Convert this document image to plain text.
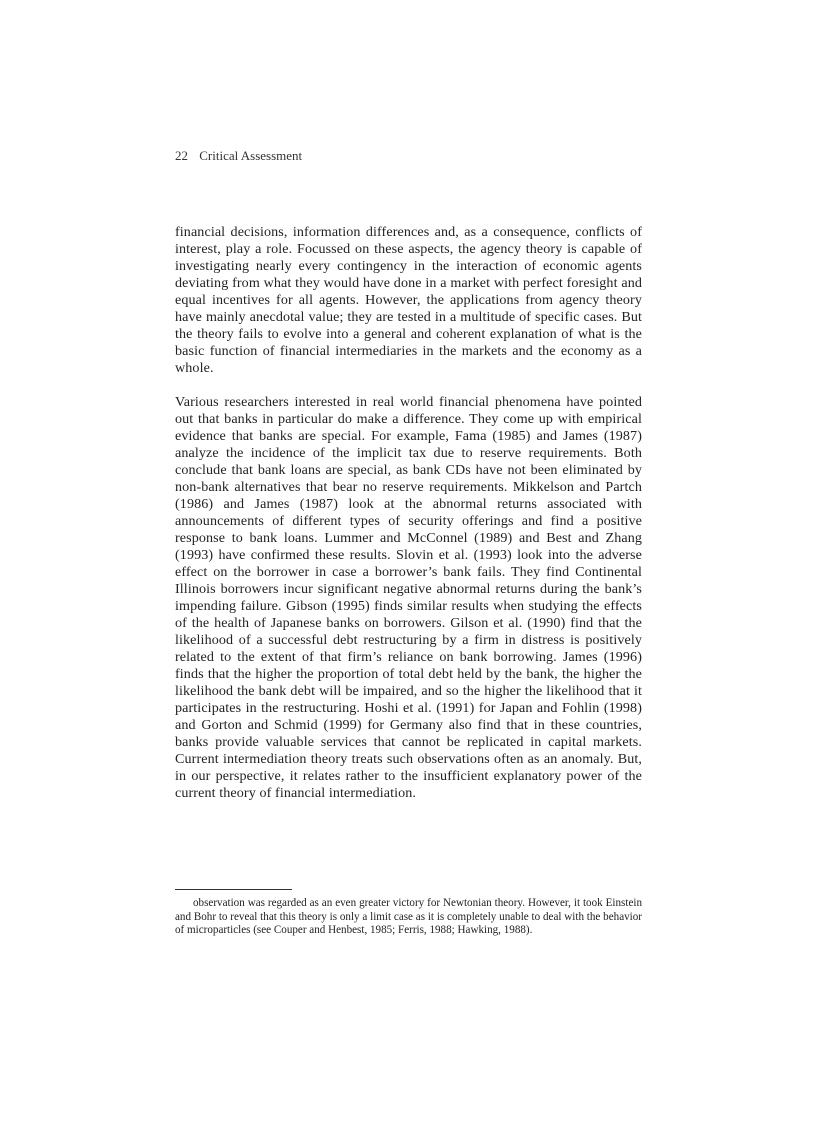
22 Critical Assessment

financial decisions, information differences and, as a consequence, conflicts of interest, play a role. Focussed on these aspects, the agency theory is capable of investigating nearly every contingency in the interaction of economic agents deviating from what they would have done in a market with perfect foresight and equal incentives for all agents. However, the applications from agency theory have mainly anecdotal value; they are tested in a multitude of specific cases. But the theory fails to evolve into a general and coherent explanation of what is the basic function of financial intermediaries in the markets and the economy as a whole.

Various researchers interested in real world financial phenomena have pointed out that banks in particular do make a difference. They come up with empirical evidence that banks are special. For example, Fama (1985) and James (1987) analyze the incidence of the implicit tax due to reserve requirements. Both conclude that bank loans are special, as bank CDs have not been eliminated by non-bank alternatives that bear no reserve requirements. Mikkelson and Partch (1986) and James (1987) look at the abnormal returns associated with announcements of different types of security offerings and find a positive response to bank loans. Lummer and McConnel (1989) and Best and Zhang (1993) have confirmed these results. Slovin et al. (1993) look into the adverse effect on the borrower in case a borrower’s bank fails. They find Continental Illinois borrowers incur significant negative abnormal returns during the bank’s impending failure. Gibson (1995) finds similar results when studying the effects of the health of Japanese banks on borrowers. Gilson et al. (1990) find that the likelihood of a successful debt restructuring by a firm in distress is positively related to the extent of that firm’s reliance on bank borrowing. James (1996) finds that the higher the proportion of total debt held by the bank, the higher the likelihood the bank debt will be impaired, and so the higher the likelihood that it participates in the restructuring. Hoshi et al. (1991) for Japan and Fohlin (1998) and Gorton and Schmid (1999) for Germany also find that in these countries, banks provide valuable services that cannot be replicated in capital markets. Current intermediation theory treats such observations often as an anomaly. But, in our perspective, it relates rather to the insufficient explanatory power of the current theory of financial intermediation.

observation was regarded as an even greater victory for Newtonian theory. However, it took Einstein and Bohr to reveal that this theory is only a limit case as it is completely unable to deal with the behavior of microparticles (see Couper and Henbest, 1985; Ferris, 1988; Hawking, 1988).
